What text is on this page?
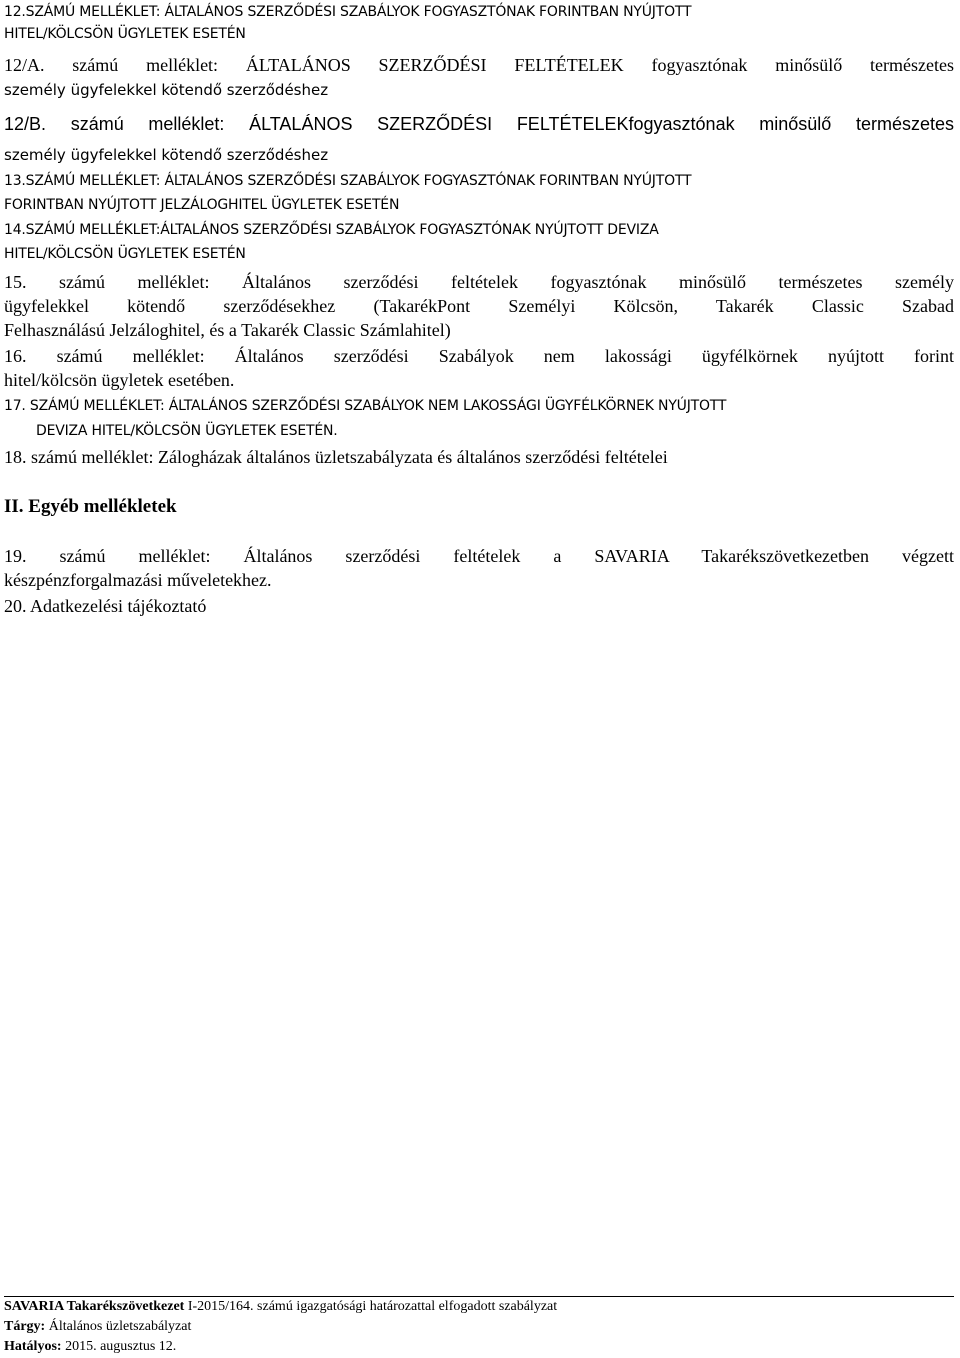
12.SZÁMÚ MELLÉKLET: ÁLTALÁNOS SZERZŐDÉSI SZABÁLYOK FOGYASZTÓNAK FORINTBAN NYÚJTOTT
HITEL/KÖLCSÖN ÜGYLETEK ESETÉN
12/A. számú melléklet: ÁLTALÁNOS SZERZŐDÉSI FELTÉTELEK fogyasztónak minősülő természetes
személy ügyfelekkel kötendő szerződéshez
12/B. számú melléklet: ÁLTALÁNOS SZERZŐDÉSI FELTÉTELEKfogyasztónak minősülő természetes
személy ügyfelekkel kötendő szerződéshez
13.SZÁMÚ MELLÉKLET: ÁLTALÁNOS SZERZŐDÉSI SZABÁLYOK FOGYASZTÓNAK FORINTBAN NYÚJTOTT
FORINTBAN NYÚJTOTT JELZÁLOGHITEL ÜGYLETEK ESETÉN
14.SZÁMÚ MELLÉKLET:ÁLTALÁNOS SZERZŐDÉSI SZABÁLYOK FOGYASZTÓNAK NYÚJTOTT DEVIZA
HITEL/KÖLCSÖN ÜGYLETEK ESETÉN
15. számú melléklet: Általános szerződési feltételek fogyasztónak minősülő természetes személy
ügyfelekkel kötendő szerződésekhez (TakarékPont Személyi Kölcsön, Takarék Classic Szabad
Felhasználású Jelzáloghitel, és a Takarék Classic Számlahitel)
16. számú melléklet: Általános szerződési Szabályok nem lakossági ügyfélkörnek nyújtott forint
hitel/kölcsön ügyletek esetében.
17. SZÁMÚ MELLÉKLET: ÁLTALÁNOS SZERZŐDÉSI SZABÁLYOK NEM LAKOSSÁGI ÜGYFÉLKÖRNEK NYÚJTOTT
DEVIZA HITEL/KÖLCSÖN ÜGYLETEK ESETÉN.
18. számú melléklet: Zálogházak általános üzletszabályzata és általános szerződési feltételei
II. Egyéb mellékletek
19. számú melléklet: Általános szerződési feltételek a SAVARIA Takarékszövetkezetben végzett
készpénzforgalmazási műveletekhez.
20. Adatkezelési tájékoztató
SAVARIA Takarékszövetkezet I-2015/164. számú igazgatósági határozattal elfogadott szabályzat
Tárgy: Általános üzletszabályzat
Hatályos: 2015. augusztus 12.
